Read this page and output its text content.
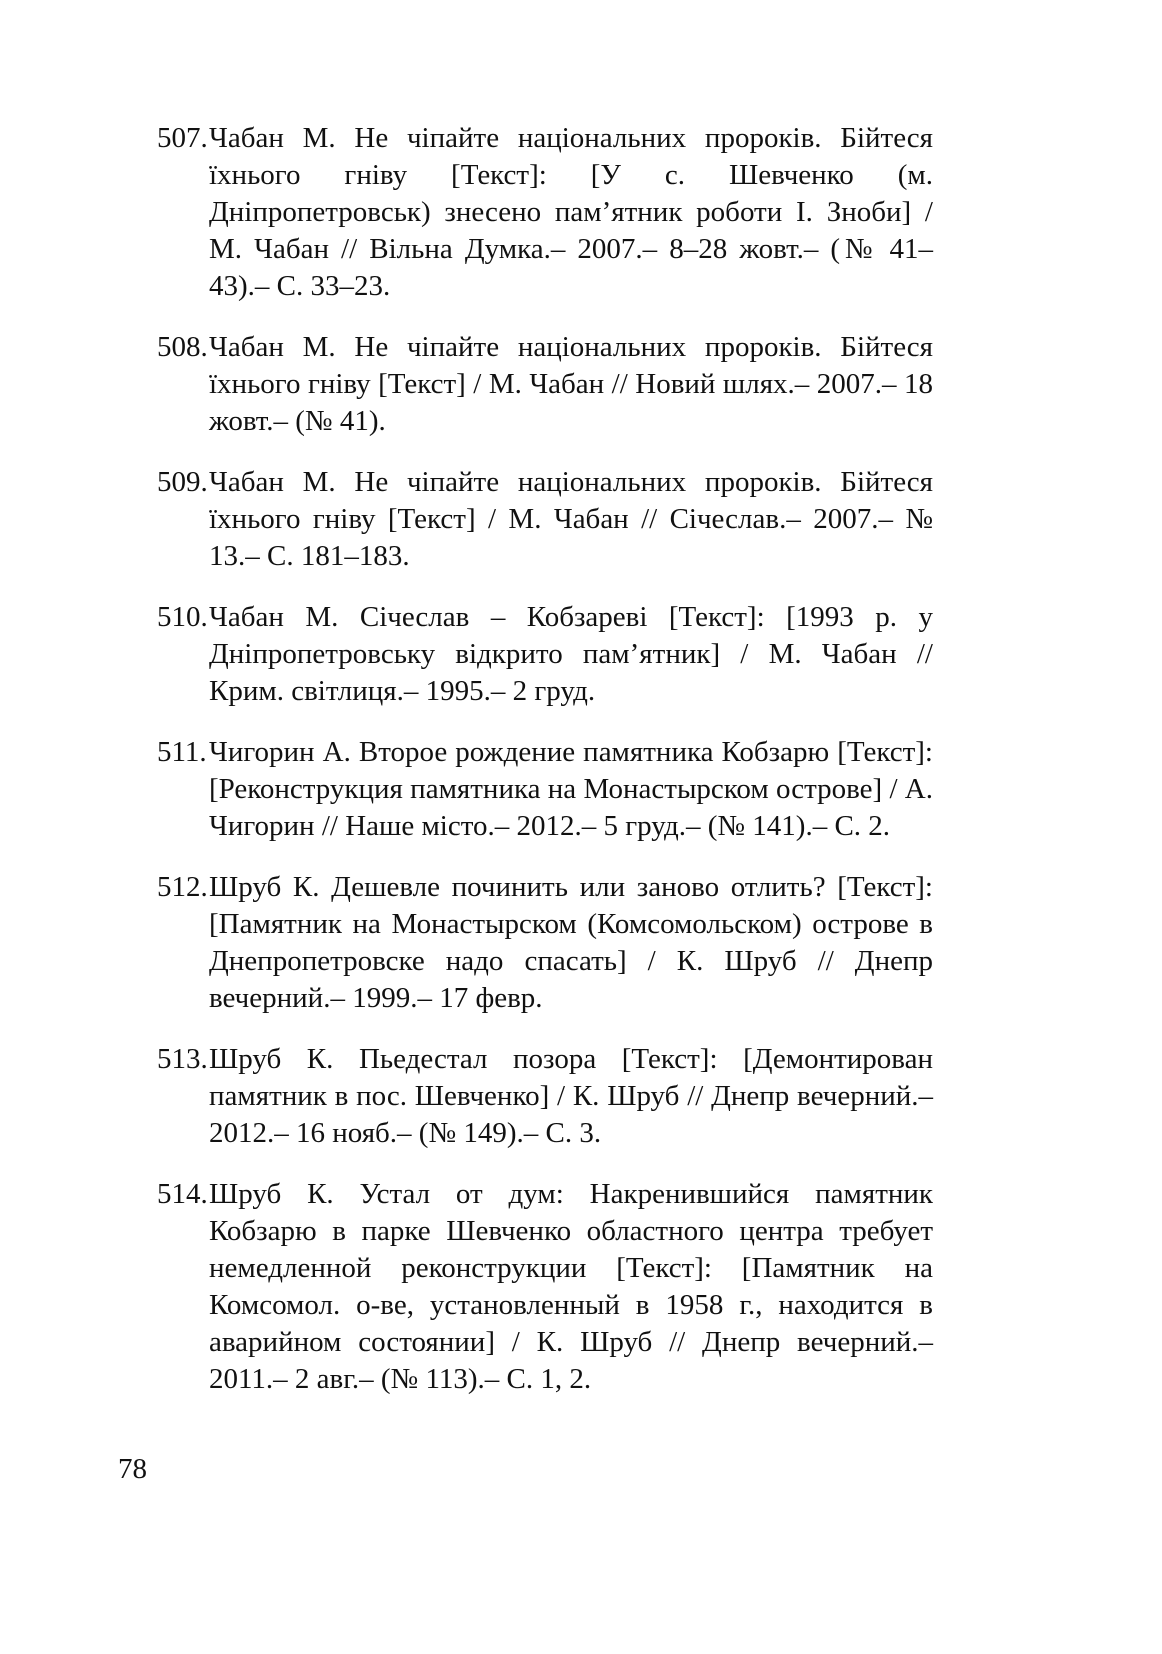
507. Чабан М. Не чіпайте національних пророків. Бійтеся їхнього гніву [Текст]: [У с. Шевченко (м. Дніпропетровськ) знесено пам’ятник роботи І. Зноби] / М. Чабан // Вільна Думка.– 2007.– 8–28 жовт.– (№ 41–43).– С. 33–23.

508. Чабан М. Не чіпайте національних пророків. Бійтеся їхнього гніву [Текст] / М. Чабан // Новий шлях.– 2007.– 18 жовт.– (№ 41).

509. Чабан М. Не чіпайте національних пророків. Бійтеся їхнього гніву [Текст] / М. Чабан // Січеслав.– 2007.– № 13.– С. 181–183.

510. Чабан М. Січеслав – Кобзареві [Текст]: [1993 р. у Дніпропетровську відкрито пам’ятник] / М. Чабан // Крим. світлиця.– 1995.– 2 груд.

511. Чигорин А. Второе рождение памятника Кобзарю [Текст]: [Реконструкция памятника на Монастырском острове] / А. Чигорин // Наше місто.– 2012.– 5 груд.– (№ 141).– С. 2.

512. Шруб К. Дешевле починить или заново отлить? [Текст]: [Памятник на Монастырском (Комсомольском) острове в Днепропетровске надо спасать] / К. Шруб // Днепр вечерний.– 1999.– 17 февр.

513. Шруб К. Пьедестал позора [Текст]: [Демонтирован памятник в пос. Шевченко] / К. Шруб // Днепр вечерний.– 2012.– 16 нояб.– (№ 149).– С. 3.

514. Шруб К. Устал от дум: Накренившийся памятник Кобзарю в парке Шевченко областного центра требует немедленной реконструкции [Текст]: [Памятник на Комсомол. о-ве, установленный в 1958 г., находится в аварийном состоянии] / К. Шруб // Днепр вечерний.– 2011.– 2 авг.– (№ 113).– С. 1, 2.

78
